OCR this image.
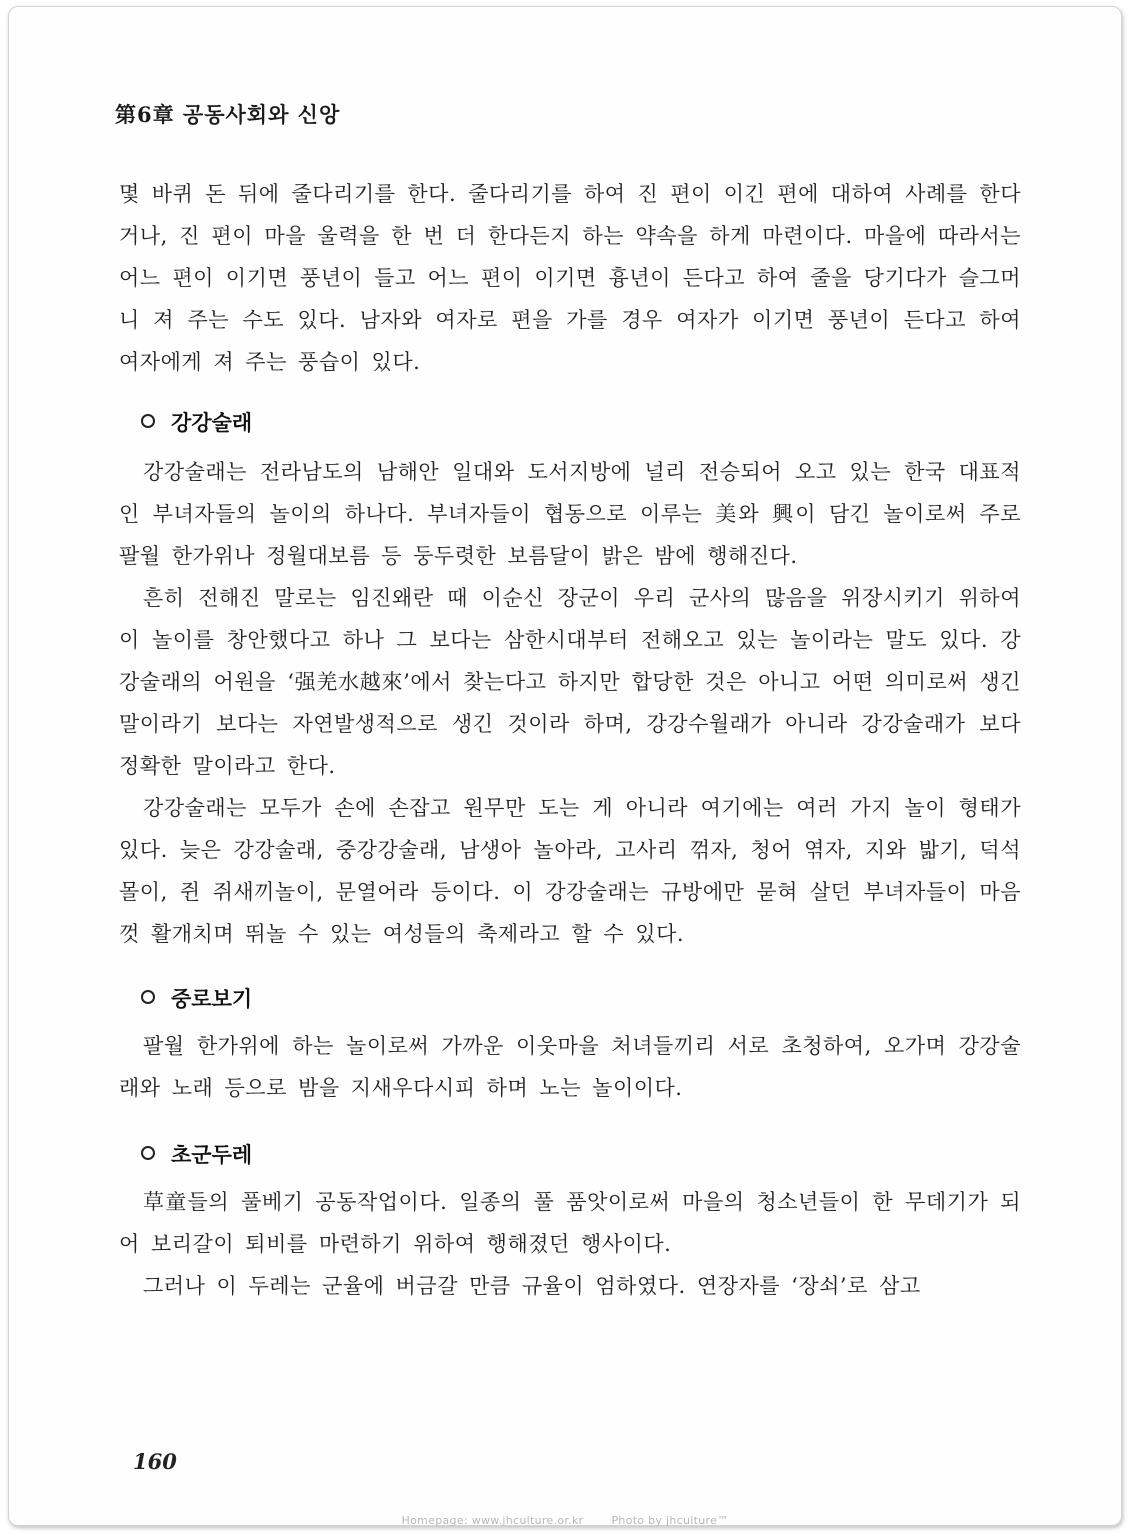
第6章 공동사회와 신앙

몇 바퀴 돈 뒤에 줄다리기를 한다. 줄다리기를 하여 진 편이 이긴 편에 대하여 사례를 한다거나, 진 편이 마을 울력을 한 번 더 한다든지 하는 약속을 하게 마련이다. 마을에 따라서는 어느 편이 이기면 풍년이 들고 어느 편이 이기면 흉년이 든다고 하여 줄을 당기다가 슬그머니 져 주는 수도 있다. 남자와 여자로 편을 가를 경우 여자가 이기면 풍년이 든다고 하여 여자에게 져 주는 풍습이 있다.

강강술래

강강술래는 전라남도의 남해안 일대와 도서지방에 널리 전승되어 오고 있는 한국 대표적인 부녀자들의 놀이의 하나다. 부녀자들이 협동으로 이루는 美와 興이 담긴 놀이로써 주로 팔월 한가위나 정월대보름 등 둥두렷한 보름달이 밝은 밤에 행해진다.

흔히 전해진 말로는 임진왜란 때 이순신 장군이 우리 군사의 많음을 위장시키기 위하여 이 놀이를 창안했다고 하나 그 보다는 삼한시대부터 전해오고 있는 놀이라는 말도 있다. 강강술래의 어원을 ‘强羌水越來’에서 찾는다고 하지만 합당한 것은 아니고 어떤 의미로써 생긴 말이라기 보다는 자연발생적으로 생긴 것이라 하며, 강강수월래가 아니라 강강술래가 보다 정확한 말이라고 한다.

강강술래는 모두가 손에 손잡고 원무만 도는 게 아니라 여기에는 여러 가지 놀이 형태가 있다. 늦은 강강술래, 중강강술래, 남생아 놀아라, 고사리 꺾자, 청어 엮자, 지와 밟기, 덕석몰이, 쥔 쥐새끼놀이, 문열어라 등이다. 이 강강술래는 규방에만 묻혀 살던 부녀자들이 마음껏 활개치며 뛰놀 수 있는 여성들의 축제라고 할 수 있다.

중로보기

팔월 한가위에 하는 놀이로써 가까운 이웃마을 처녀들끼리 서로 초청하여, 오가며 강강술래와 노래 등으로 밤을 지새우다시피 하며 노는 놀이이다.

초군두레

草童들의 풀베기 공동작업이다. 일종의 풀 품앗이로써 마을의 청소년들이 한 무데기가 되어 보리갈이 퇴비를 마련하기 위하여 행해졌던 행사이다.

그러나 이 두레는 군율에 버금갈 만큼 규율이 엄하였다. 연장자를 ‘장쇠’로 삼고

160
Homepage: www.jhculture.or.kr	Photo by jhculture™
